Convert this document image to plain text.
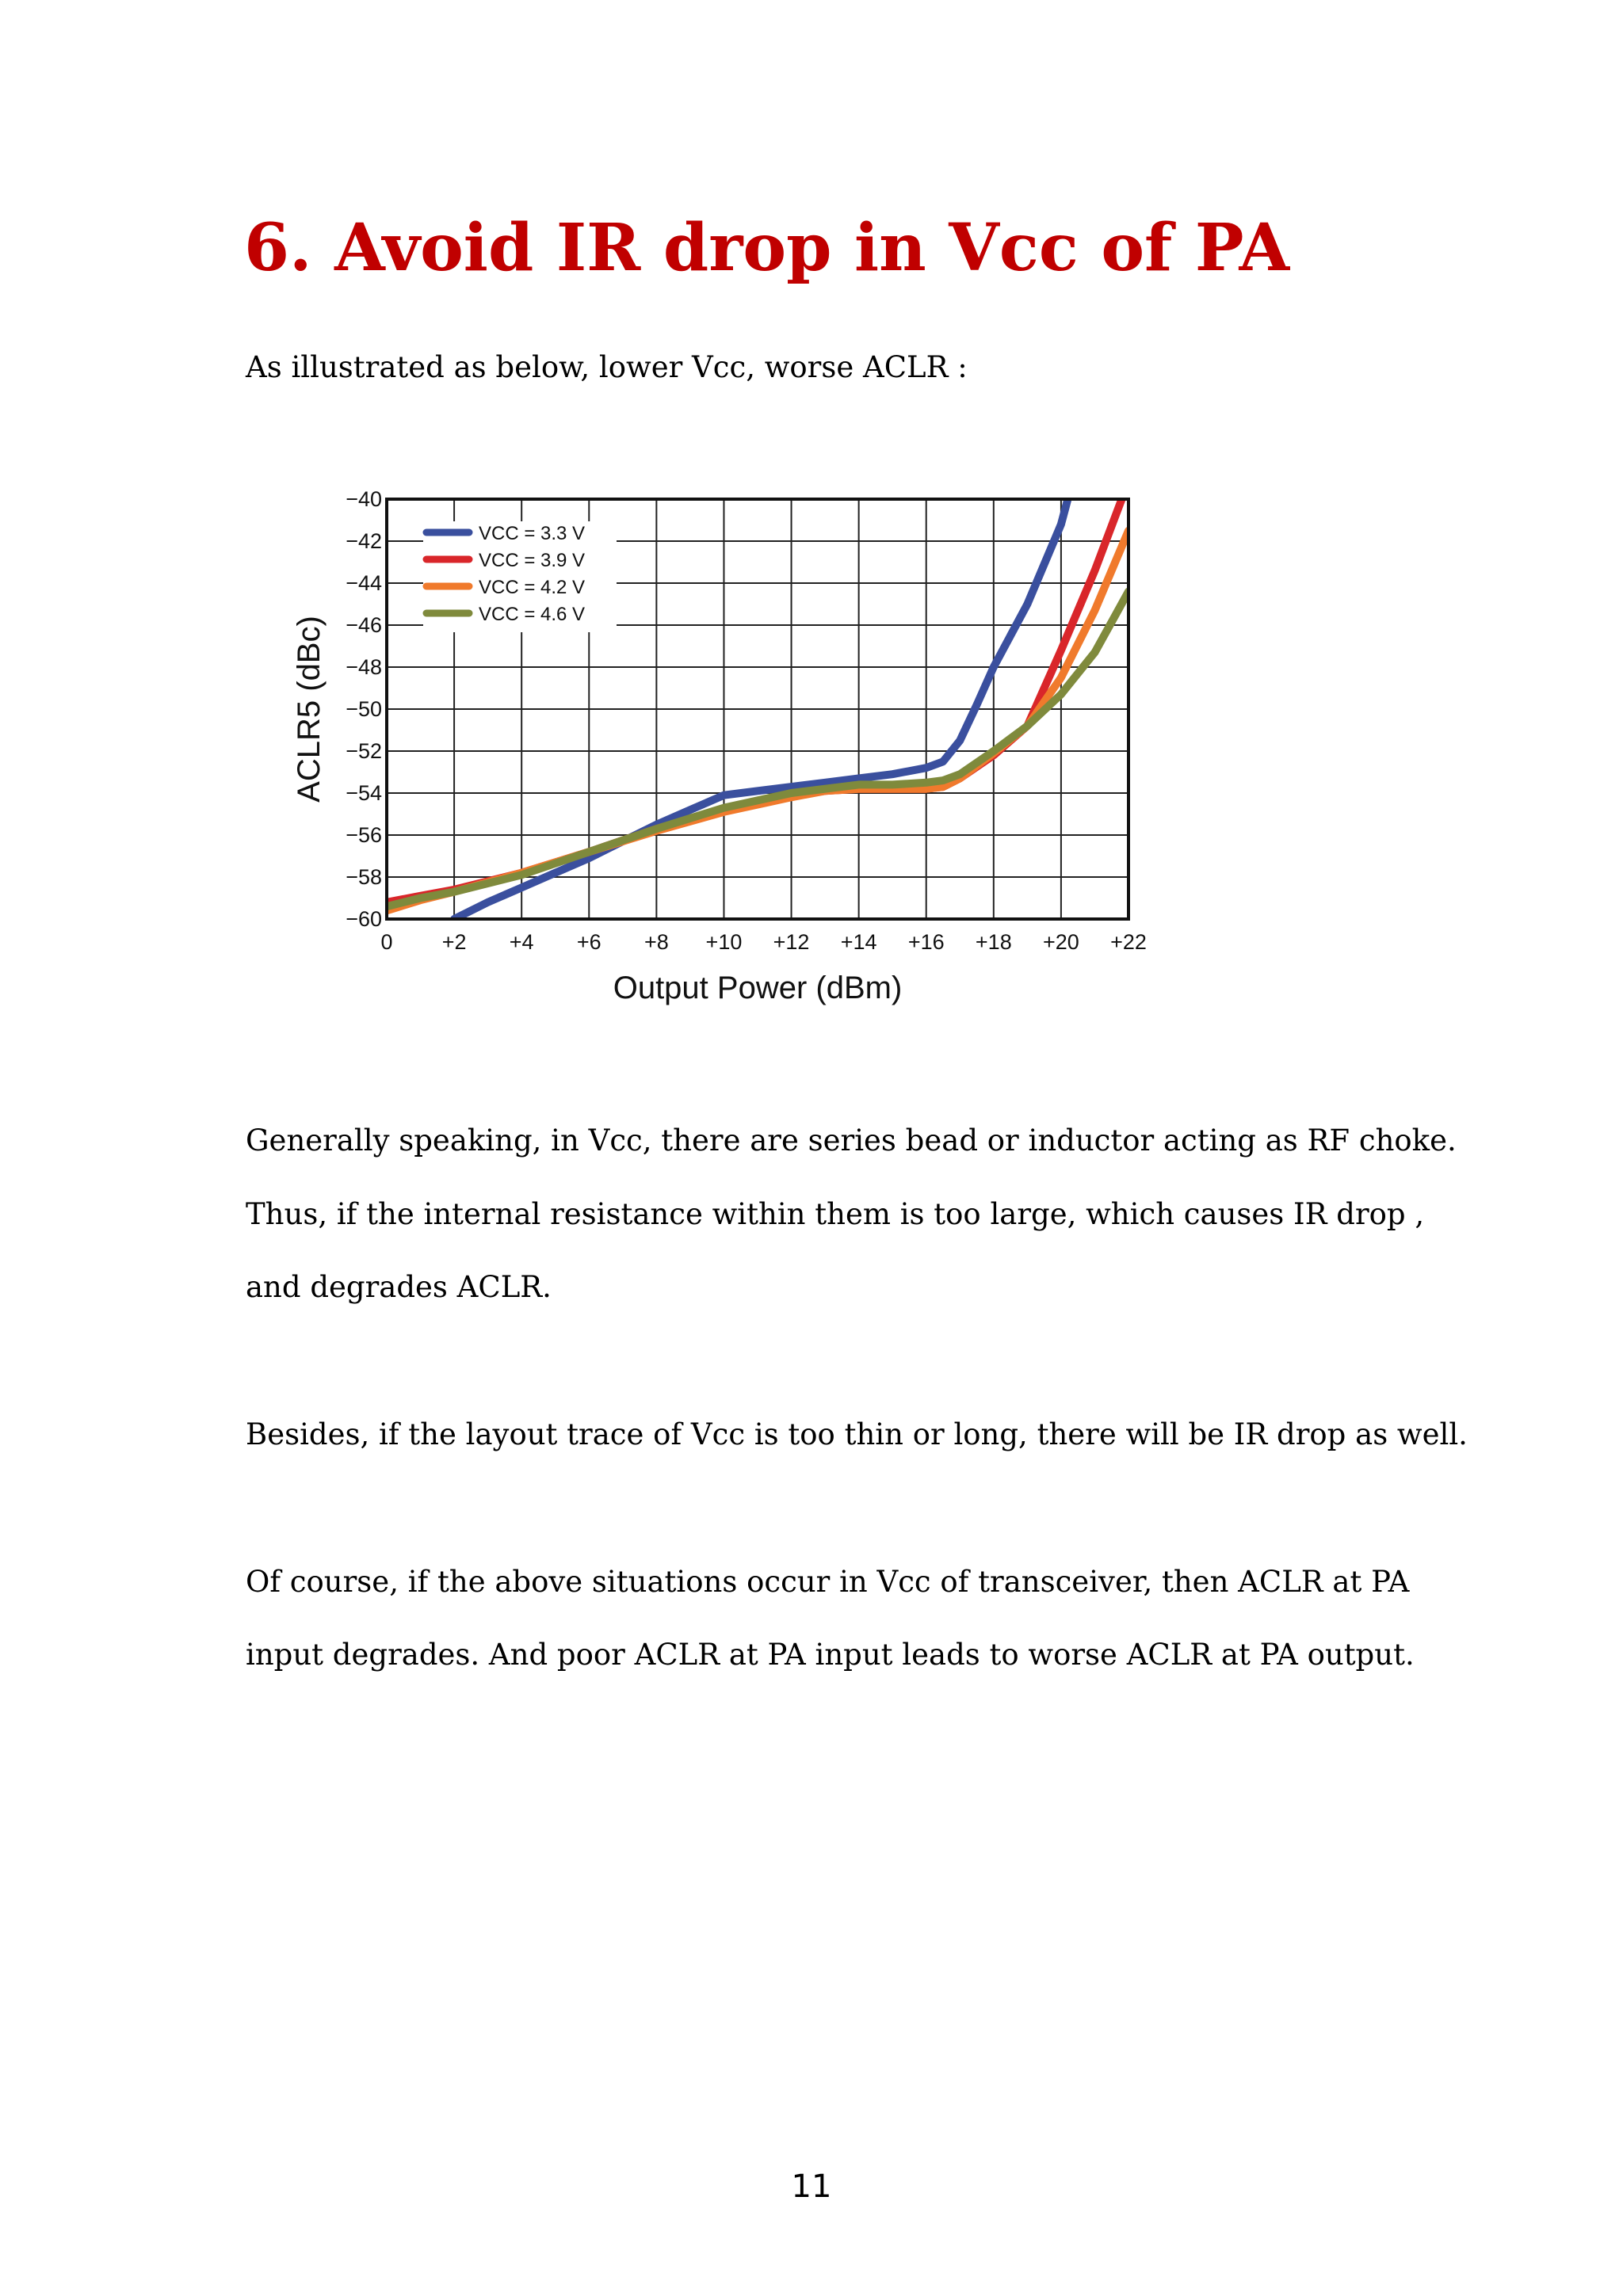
6. Avoid IR drop in Vcc of PA

As illustrated as below, lower Vcc, worse ACLR :

−40
−42
−44
−46
−48
−50
−52
−54
−56
−58
−60
0 +2 +4 +6 +8 +10 +12 +14 +16 +18 +20 +22
Output Power (dBm)
ACLR5 (dBc)
VCC = 3.3 V
VCC = 3.9 V
VCC = 4.2 V
VCC = 4.6 V

Generally speaking, in Vcc, there are series bead or inductor acting as RF choke.

Thus, if the internal resistance within them is too large, which causes IR drop ,

and degrades ACLR.

Besides, if the layout trace of Vcc is too thin or long, there will be IR drop as well.

Of course, if the above situations occur in Vcc of transceiver, then ACLR at PA

input degrades. And poor ACLR at PA input leads to worse ACLR at PA output.

11
